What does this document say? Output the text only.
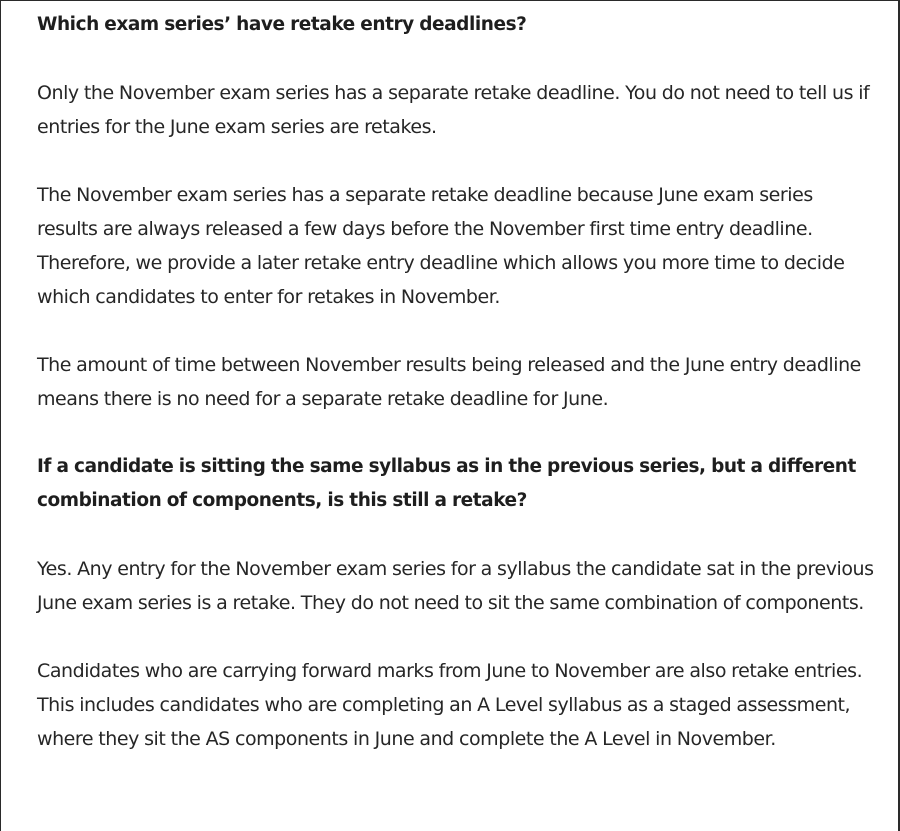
Which exam series’ have retake entry deadlines?

Only the November exam series has a separate retake deadline. You do not need to tell us if entries for the June exam series are retakes.

The November exam series has a separate retake deadline because June exam series results are always released a few days before the November first time entry deadline. Therefore, we provide a later retake entry deadline which allows you more time to decide which candidates to enter for retakes in November.

The amount of time between November results being released and the June entry deadline means there is no need for a separate retake deadline for June.

If a candidate is sitting the same syllabus as in the previous series, but a different combination of components, is this still a retake?

Yes. Any entry for the November exam series for a syllabus the candidate sat in the previous June exam series is a retake. They do not need to sit the same combination of components.

Candidates who are carrying forward marks from June to November are also retake entries. This includes candidates who are completing an A Level syllabus as a staged assessment, where they sit the AS components in June and complete the A Level in November.
